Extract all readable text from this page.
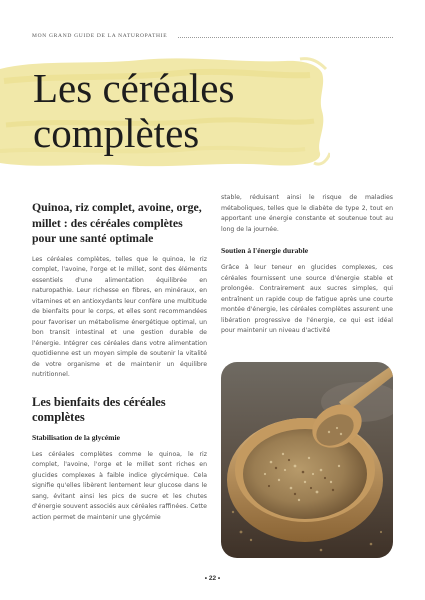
MON GRAND GUIDE DE LA NATUROPATHIE
Les céréales
complètes
Quinoa, riz complet, avoine, orge, millet : des céréales complètes pour une santé optimale

Les céréales complètes, telles que le quinoa, le riz complet, l'avoine, l'orge et le millet, sont des éléments essentiels d'une alimentation équilibrée en naturopathie. Leur richesse en fibres, en minéraux, en vitamines et en antioxydants leur confère une multitude de bienfaits pour le corps, et elles sont recommandées pour favoriser un métabolisme énergétique optimal, un bon transit intestinal et une gestion durable de l'énergie. Intégrer ces céréales dans votre alimentation quotidienne est un moyen simple de soutenir la vitalité de votre organisme et de maintenir un équilibre nutritionnel.

Les bienfaits des céréales complètes
Stabilisation de la glycémie

Les céréales complètes comme le quinoa, le riz complet, l'avoine, l'orge et le millet sont riches en glucides complexes à faible indice glycémique. Cela signifie qu'elles libèrent lentement leur glucose dans le sang, évitant ainsi les pics de sucre et les chutes d'énergie souvent associés aux céréales raffinées. Cette action permet de maintenir une glycémie

stable, réduisant ainsi le risque de maladies métaboliques, telles que le diabète de type 2, tout en apportant une énergie constante et soutenue tout au long de la journée.

Soutien à l'énergie durable

Grâce à leur teneur en glucides complexes, ces céréales fournissent une source d'énergie stable et prolongée. Contrairement aux sucres simples, qui entraînent un rapide coup de fatigue après une courte montée d'énergie, les céréales complètes assurent une libération progressive de l'énergie, ce qui est idéal pour maintenir un niveau d'activité

• 22 •
